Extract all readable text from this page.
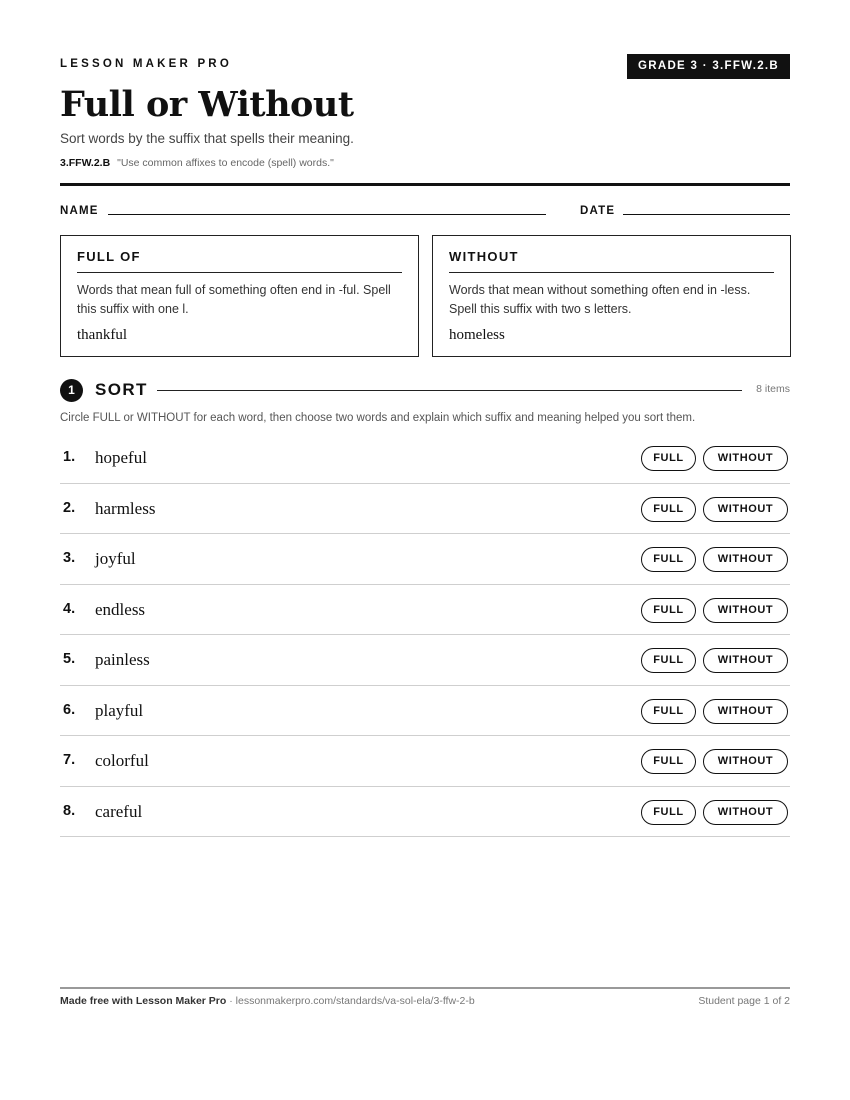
LESSON MAKER PRO	GRADE 3 · 3.FFW.2.B
Full or Without
Sort words by the suffix that spells their meaning.
3.FFW.2.B "Use common affixes to encode (spell) words."
NAME	DATE
FULL OF
Words that mean full of something often end in -ful. Spell this suffix with one l.
thankful
WITHOUT
Words that mean without something often end in -less. Spell this suffix with two s letters.
homeless
1	SORT	8 items
Circle FULL or WITHOUT for each word, then choose two words and explain which suffix and meaning helped you sort them.
1. hopeful	FULL	WITHOUT
2. harmless	FULL	WITHOUT
3. joyful	FULL	WITHOUT
4. endless	FULL	WITHOUT
5. painless	FULL	WITHOUT
6. playful	FULL	WITHOUT
7. colorful	FULL	WITHOUT
8. careful	FULL	WITHOUT
Made free with Lesson Maker Pro · lessonmakerpro.com/standards/va-sol-ela/3-ffw-2-b	Student page 1 of 2
